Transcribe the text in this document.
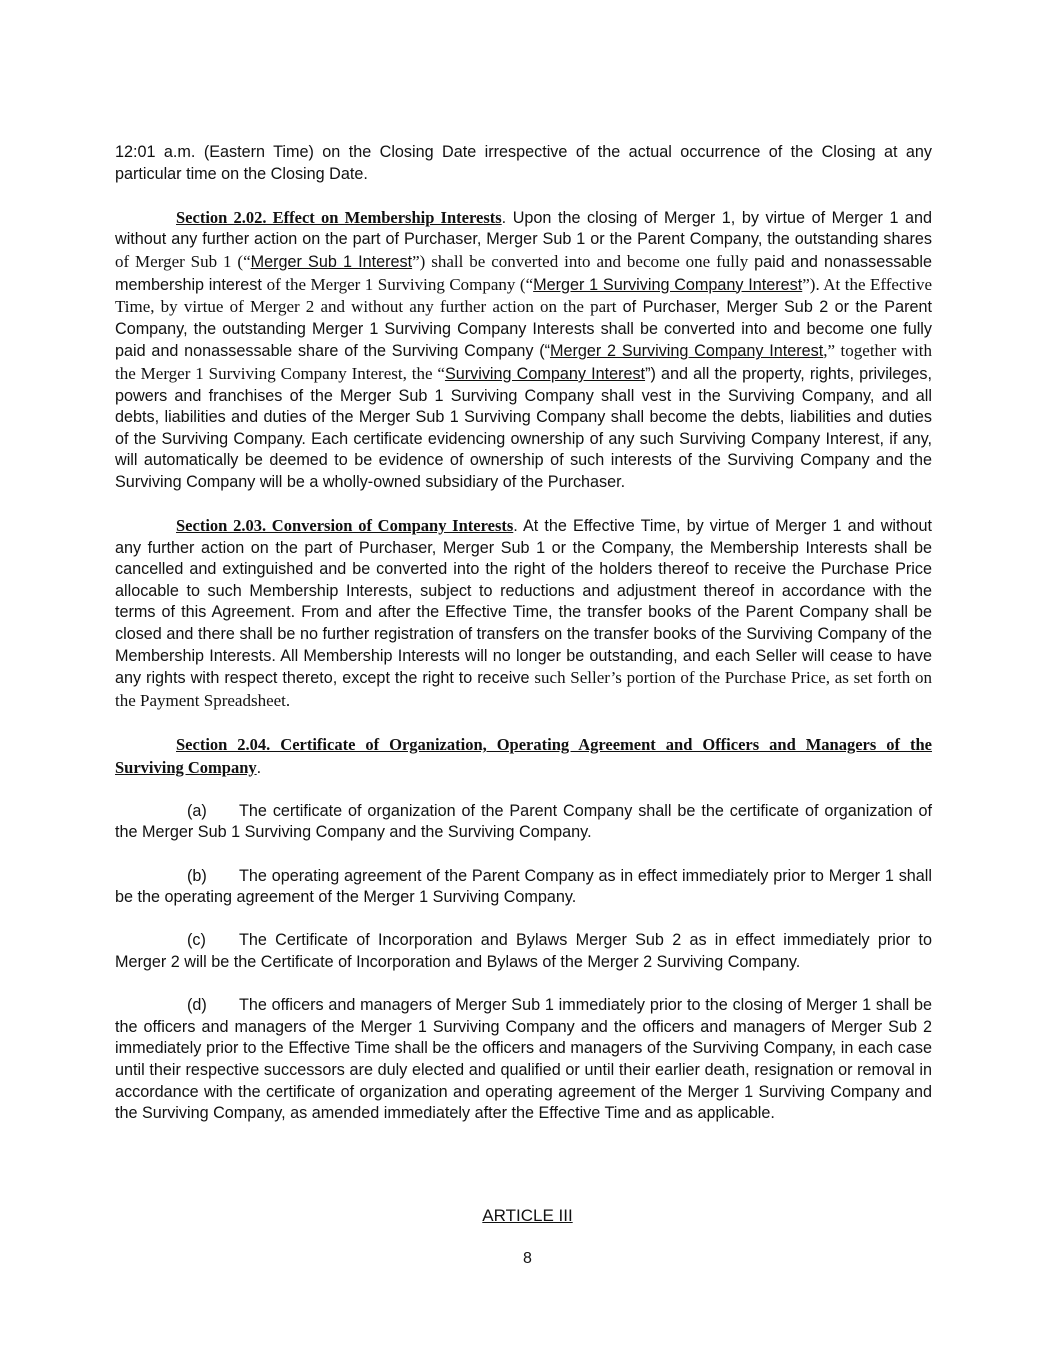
12:01 a.m. (Eastern Time) on the Closing Date irrespective of the actual occurrence of the Closing at any particular time on the Closing Date.

Section 2.02. Effect on Membership Interests. Upon the closing of Merger 1, by virtue of Merger 1 and without any further action on the part of Purchaser, Merger Sub 1 or the Parent Company, the outstanding shares of Merger Sub 1 (“Merger Sub 1 Interest”) shall be converted into and become one fully paid and nonassessable membership interest of the Merger 1 Surviving Company (“Merger 1 Surviving Company Interest”). At the Effective Time, by virtue of Merger 2 and without any further action on the part of Purchaser, Merger Sub 2 or the Parent Company, the outstanding Merger 1 Surviving Company Interests shall be converted into and become one fully paid and nonassessable share of the Surviving Company (“Merger 2 Surviving Company Interest,” together with the Merger 1 Surviving Company Interest, the “Surviving Company Interest”) and all the property, rights, privileges, powers and franchises of the Merger Sub 1 Surviving Company shall vest in the Surviving Company, and all debts, liabilities and duties of the Merger Sub 1 Surviving Company shall become the debts, liabilities and duties of the Surviving Company. Each certificate evidencing ownership of any such Surviving Company Interest, if any, will automatically be deemed to be evidence of ownership of such interests of the Surviving Company and the Surviving Company will be a wholly-owned subsidiary of the Purchaser.

Section 2.03. Conversion of Company Interests. At the Effective Time, by virtue of Merger 1 and without any further action on the part of Purchaser, Merger Sub 1 or the Company, the Membership Interests shall be cancelled and extinguished and be converted into the right of the holders thereof to receive the Purchase Price allocable to such Membership Interests, subject to reductions and adjustment thereof in accordance with the terms of this Agreement. From and after the Effective Time, the transfer books of the Parent Company shall be closed and there shall be no further registration of transfers on the transfer books of the Surviving Company of the Membership Interests. All Membership Interests will no longer be outstanding, and each Seller will cease to have any rights with respect thereto, except the right to receive such Seller’s portion of the Purchase Price, as set forth on the Payment Spreadsheet.

Section 2.04. Certificate of Organization, Operating Agreement and Officers and Managers of the Surviving Company.

(a) The certificate of organization of the Parent Company shall be the certificate of organization of the Merger Sub 1 Surviving Company and the Surviving Company.

(b) The operating agreement of the Parent Company as in effect immediately prior to Merger 1 shall be the operating agreement of the Merger 1 Surviving Company.

(c) The Certificate of Incorporation and Bylaws Merger Sub 2 as in effect immediately prior to Merger 2 will be the Certificate of Incorporation and Bylaws of the Merger 2 Surviving Company.

(d) The officers and managers of Merger Sub 1 immediately prior to the closing of Merger 1 shall be the officers and managers of the Merger 1 Surviving Company and the officers and managers of Merger Sub 2 immediately prior to the Effective Time shall be the officers and managers of the Surviving Company, in each case until their respective successors are duly elected and qualified or until their earlier death, resignation or removal in accordance with the certificate of organization and operating agreement of the Merger 1 Surviving Company and the Surviving Company, as amended immediately after the Effective Time and as applicable.

ARTICLE III
8
